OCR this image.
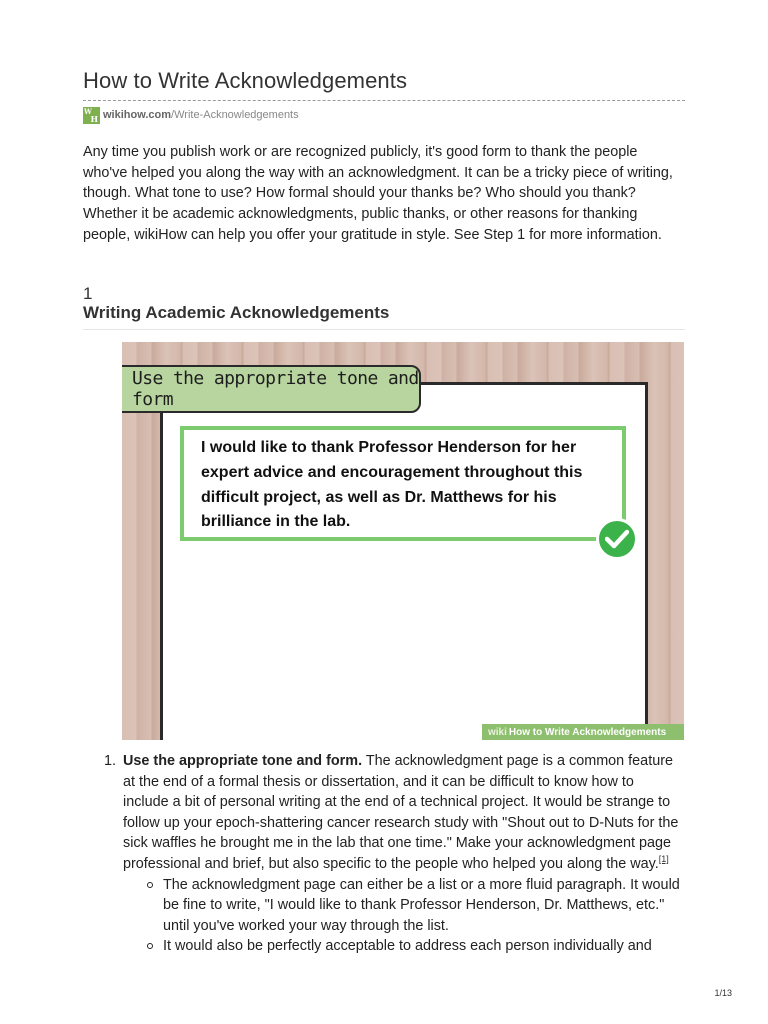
How to Write Acknowledgements
W
H wikihow.com /Write-Acknowledgements

Any time you publish work or are recognized publicly, it's good form to thank the people who've helped you along the way with an acknowledgment. It can be a tricky piece of writing, though. What tone to use? How formal should your thanks be? Who should you thank? Whether it be academic acknowledgments, public thanks, or other reasons for thanking people, wikiHow can help you offer your gratitude in style. See Step 1 for more information.

1
Writing Academic Acknowledgements
Use the appropriate tone and form

I would like to thank Professor Henderson for her expert advice and encouragement throughout this difficult project, as well as Dr. Matthews for his brilliance in the lab.

wiki How to Write Acknowledgements
1. Use the appropriate tone and form. The acknowledgment page is a common feature at the end of a formal thesis or dissertation, and it can be difficult to know how to include a bit of personal writing at the end of a technical project. It would be strange to follow up your epoch-shattering cancer research study with "Shout out to D-Nuts for the sick waffles he brought me in the lab that one time." Make your acknowledgment page professional and brief, but also specific to the people who helped you along the way.[1]
The acknowledgment page can either be a list or a more fluid paragraph. It would be fine to write, "I would like to thank Professor Henderson, Dr. Matthews, etc." until you've worked your way through the list.
It would also be perfectly acceptable to address each person individually and
1/13
